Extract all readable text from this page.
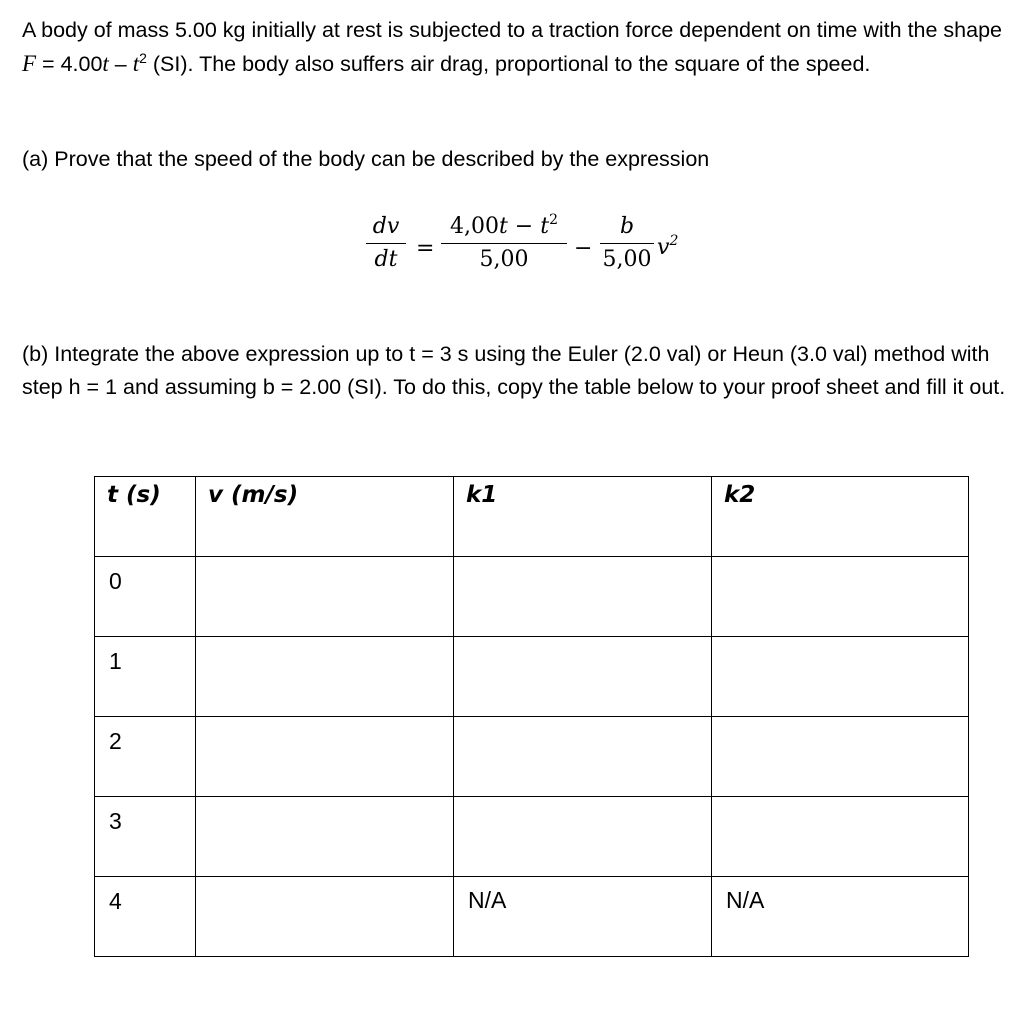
A body of mass 5.00 kg initially at rest is subjected to a traction force dependent on time with the shape $F = 4.00t - t^2$ (SI). The body also suffers air drag, proportional to the square of the speed.

(a) Prove that the speed of the body can be described by the expression

dv
dt =
$4,00t - t^2$
5,00	−
b
5,00 $v^2$

(b) Integrate the above expression up to t = 3 s using the Euler (2.0 val) or Heun (3.0 val) method with step h = 1 and assuming b = 2.00 (SI). To do this, copy the table below to your proof sheet and fill it out.

t (s)	v (m/s)	k1	k2

0			

1			

2			

3			

4		N/A	N/A
